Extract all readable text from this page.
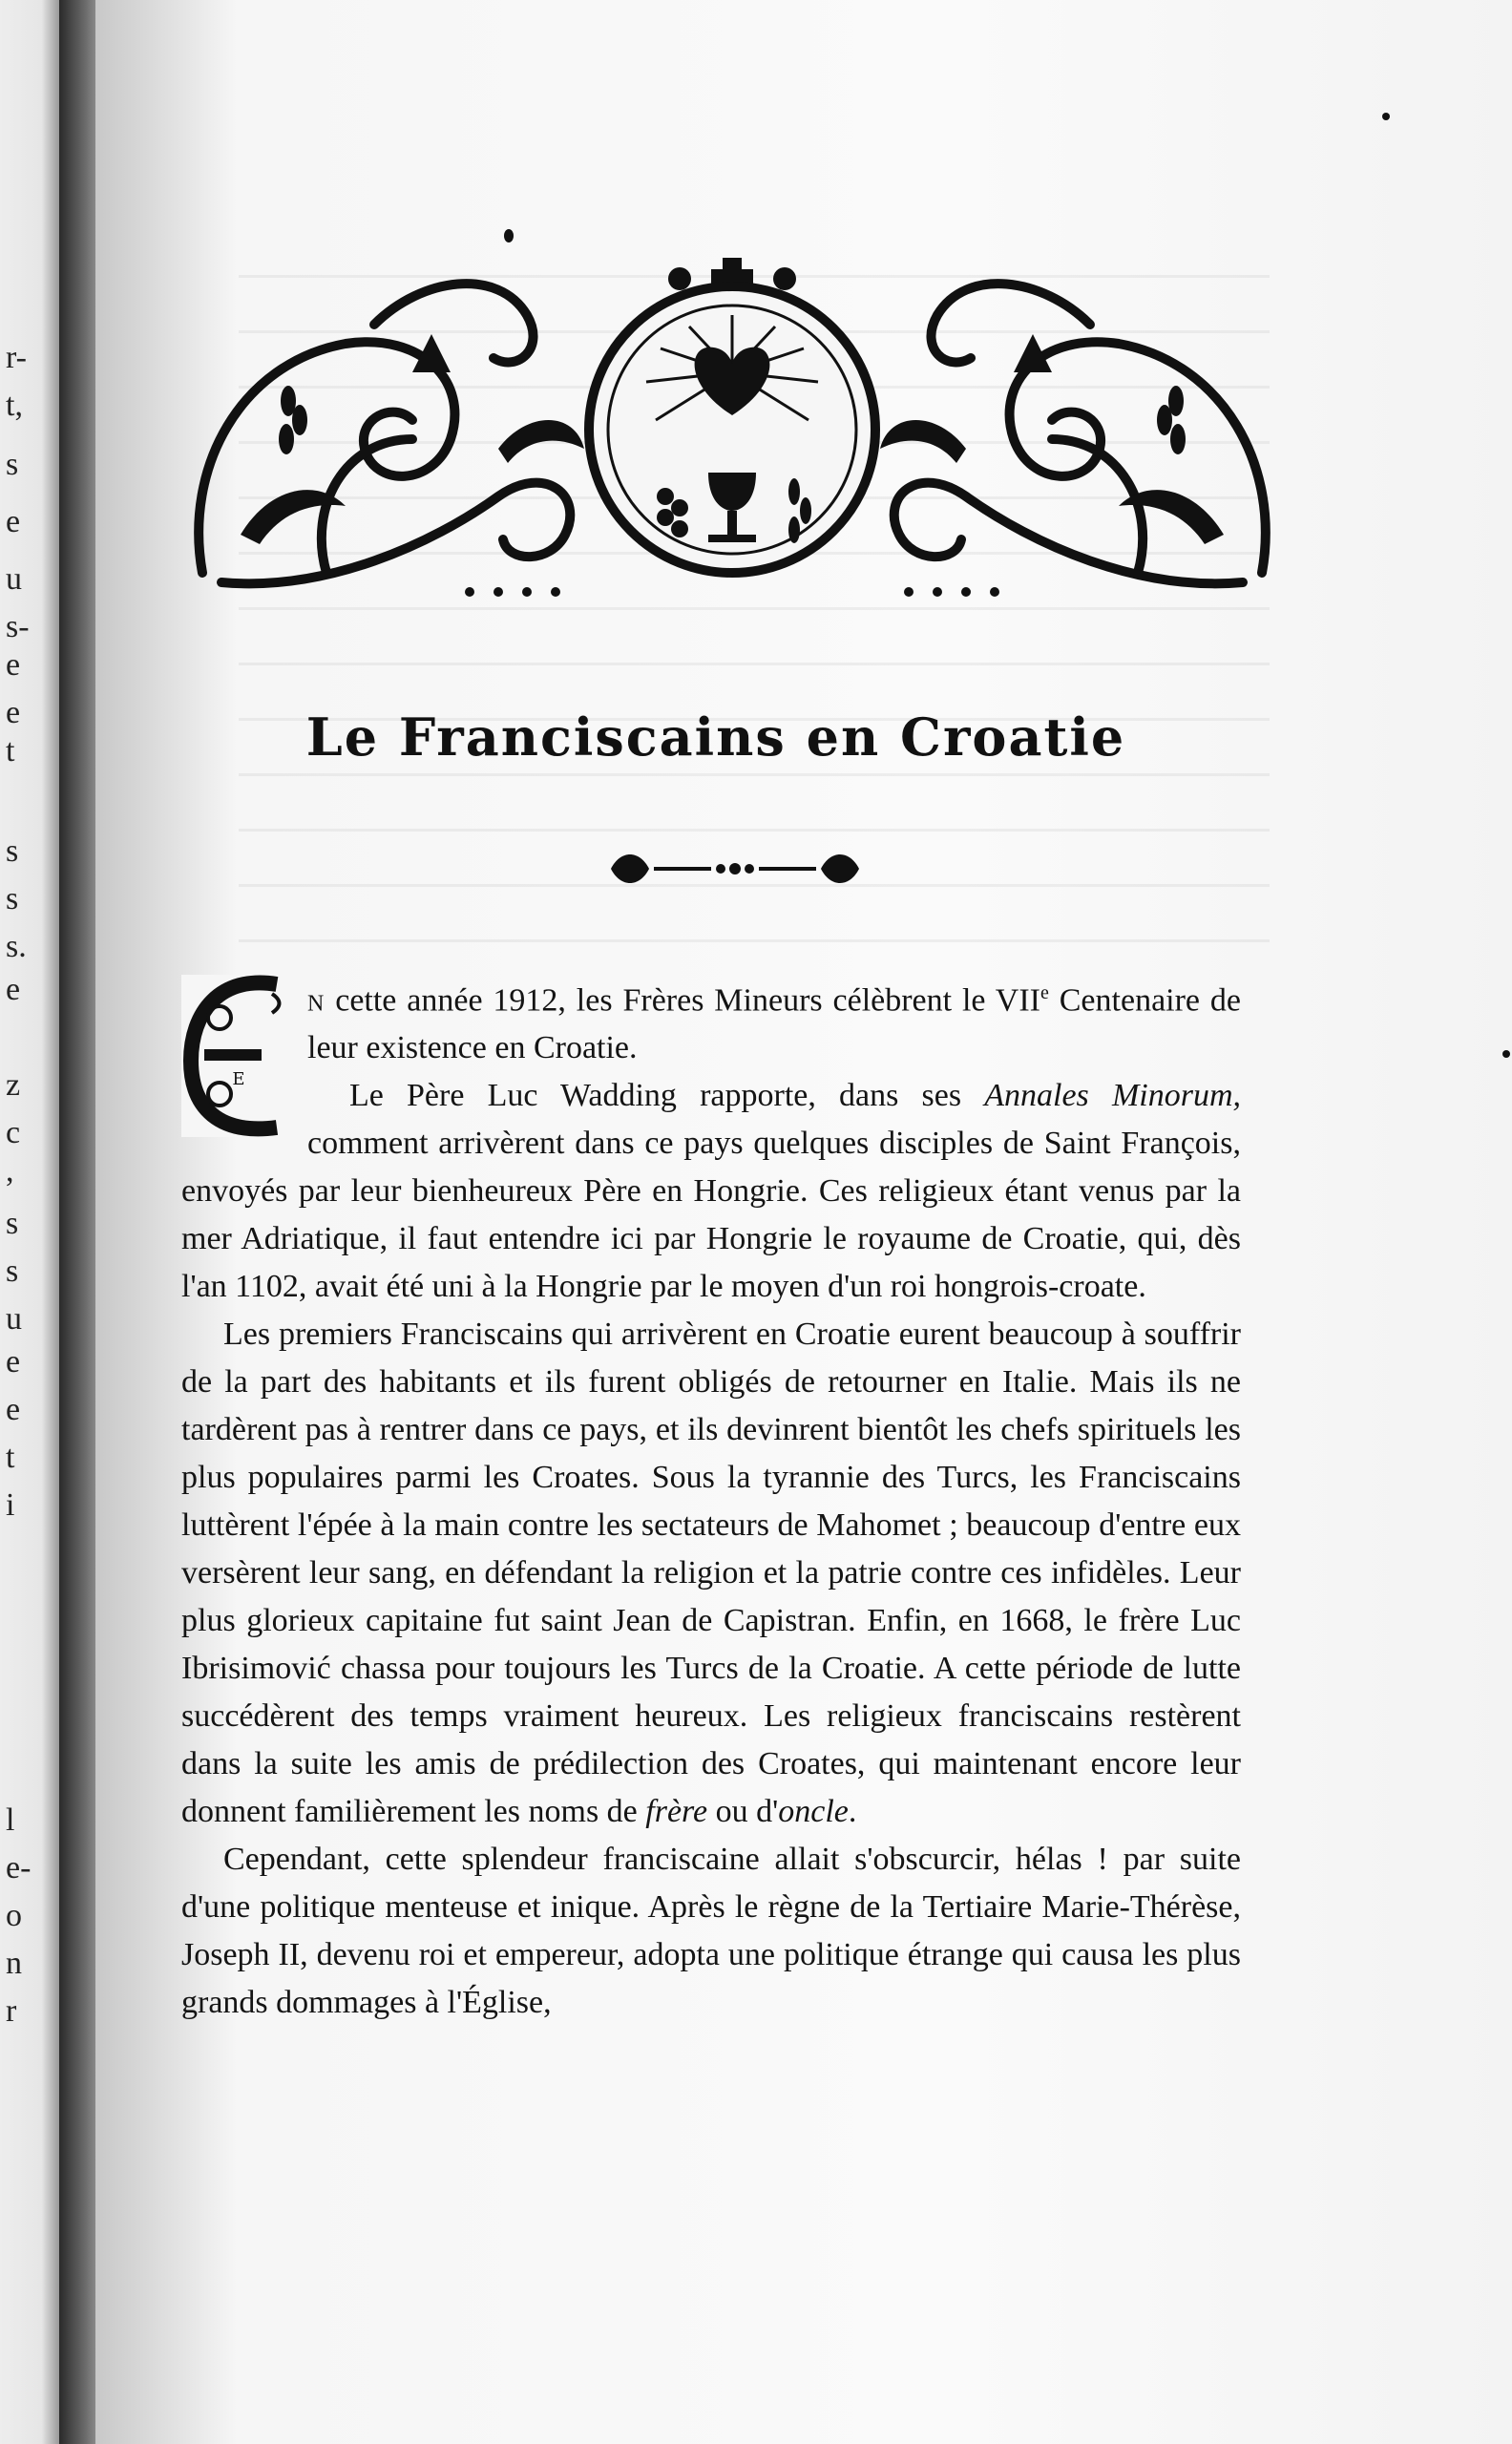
r-
t,
s
e
u
s-
e
e
t
s
s
s.
e
z
c
,
s
s
u
e
e
t
i
l
e-
o
n
r
Le Franciscains en Croatie

E
n cette année 1912, les Frères Mineurs célèbrent le VIIe Centenaire de leur existence en Croatie.

Le Père Luc Wadding rapporte, dans ses Annales Minorum, comment arrivèrent dans ce pays quelques disciples de Saint François, envoyés par leur bienheureux Père en Hongrie. Ces religieux étant venus par la mer Adriatique, il faut entendre ici par Hongrie le royaume de Croatie, qui, dès l'an 1102, avait été uni à la Hongrie par le moyen d'un roi hongrois-croate.

Les premiers Franciscains qui arrivèrent en Croatie eurent beaucoup à souffrir de la part des habitants et ils furent obligés de retourner en Italie. Mais ils ne tardèrent pas à rentrer dans ce pays, et ils devinrent bientôt les chefs spirituels les plus populaires parmi les Croates. Sous la tyrannie des Turcs, les Franciscains luttèrent l'épée à la main contre les sectateurs de Mahomet ; beaucoup d'entre eux versèrent leur sang, en défendant la religion et la patrie contre ces infidèles. Leur plus glorieux capitaine fut saint Jean de Capistran. Enfin, en 1668, le frère Luc Ibrisimović chassa pour toujours les Turcs de la Croatie. A cette période de lutte succédèrent des temps vraiment heureux. Les religieux franciscains restèrent dans la suite les amis de prédilection des Croates, qui maintenant encore leur donnent familièrement les noms de frère ou d'oncle.

Cependant, cette splendeur franciscaine allait s'obscurcir, hélas ! par suite d'une politique menteuse et inique. Après le règne de la Tertiaire Marie-Thérèse, Joseph II, devenu roi et empereur, adopta une politique étrange qui causa les plus grands dommages à l'Église,
